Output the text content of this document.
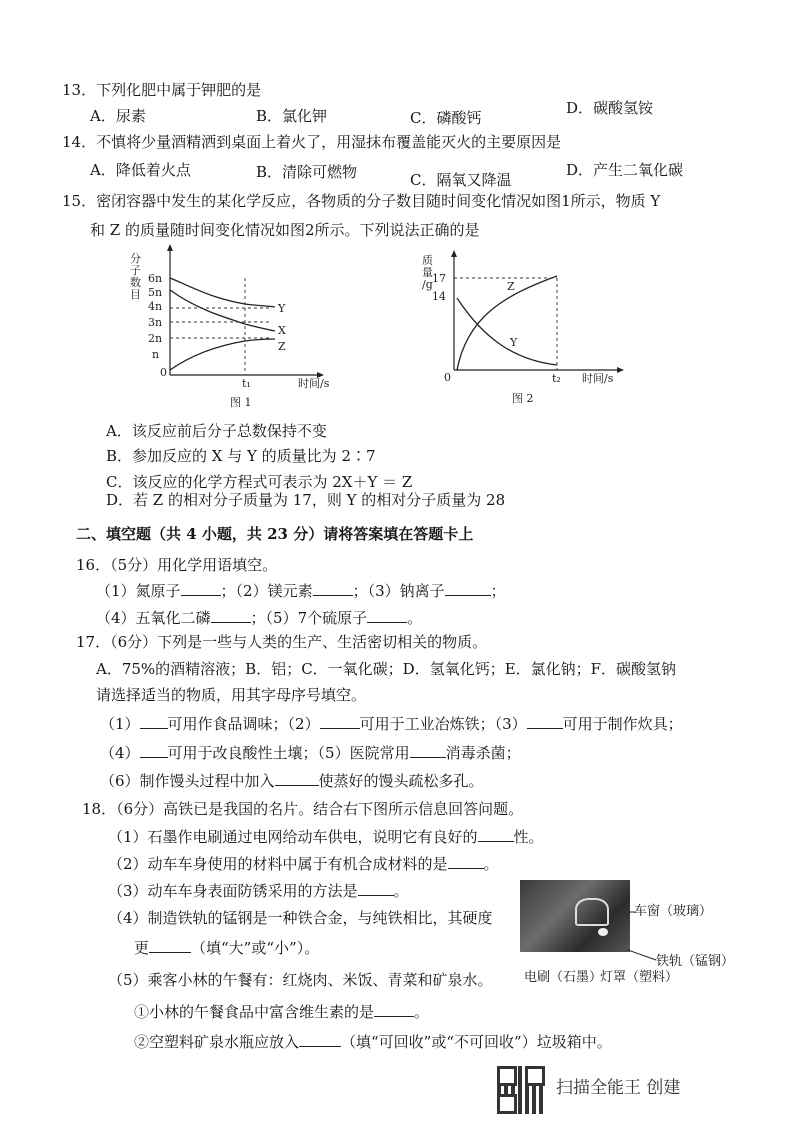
13．下列化肥中属于钾肥的是
A．尿素	B．氯化钾	C．磷酸钙
D．碳酸氢铵
14．不慎将少量酒精洒到桌面上着火了，用湿抹布覆盖能灭火的主要原因是
A．降低着火点	B．清除可燃物	C．隔氧又降温
D．产生二氧化碳
15．密闭容器中发生的某化学反应，各物质的分子数目随时间变化情况如图1所示，物质 Y
和 Z 的质量随时间变化情况如图2所示。下列说法正确的是
分
子
数
目
6n
5n
4n
3n
2n
n
Y
X
Z
0
t₁	时间/s
图 1
质
量
/g 17
14
Z
Y
0	t₂ 时间/s
图 2
A．该反应前后分子总数保持不变
B．参加反应的 X 与 Y 的质量比为 2∶7
C．该反应的化学方程式可表示为 2X＋Y ＝ Z
D．若 Z 的相对分子质量为 17，则 Y 的相对分子质量为 28
二、填空题（共 4 小题，共 23 分）请将答案填在答题卡上
16．（5分）用化学用语填空。
（1）氮原子	；（2）镁元素	；（3）钠离子	；
（4）五氧化二磷	；（5）7个硫原子	。
17．（6分）下列是一些与人类的生产、生活密切相关的物质。
A．75%的酒精溶液；B．铝；C．一氧化碳；D．氢氧化钙；E．氯化钠；F．碳酸氢钠
请选择适当的物质，用其字母序号填空。
（1） 可用作食品调味；（2）	可用于工业冶炼铁；（3） 可用于制作炊具；
（4） 可用于改良酸性土壤；（5）医院常用 消毒杀菌；
（6）制作馒头过程中加入	使蒸好的馒头疏松多孔。
18．（6分）高铁已是我国的名片。结合右下图所示信息回答问题。
（1）石墨作电刷通过电网给动车供电，说明它有良好的 性。
（2）动车车身使用的材料中属于有机合成材料的是 。
（3）动车车身表面防锈采用的方法是 。
（4）制造铁轨的锰钢是一种铁合金，与纯铁相比，其硬度
更	（填“大”或“小”）。
（5）乘客小林的午餐有：红烧肉、米饭、青菜和矿泉水。
①小林的午餐食品中富含维生素的是	。
②空塑料矿泉水瓶应放入	（填“可回收”或“不可回收”）垃圾箱中。
车窗（玻璃）
铁轨（锰钢）
电刷（石墨）
灯罩（塑料）
扫描全能王 创建
